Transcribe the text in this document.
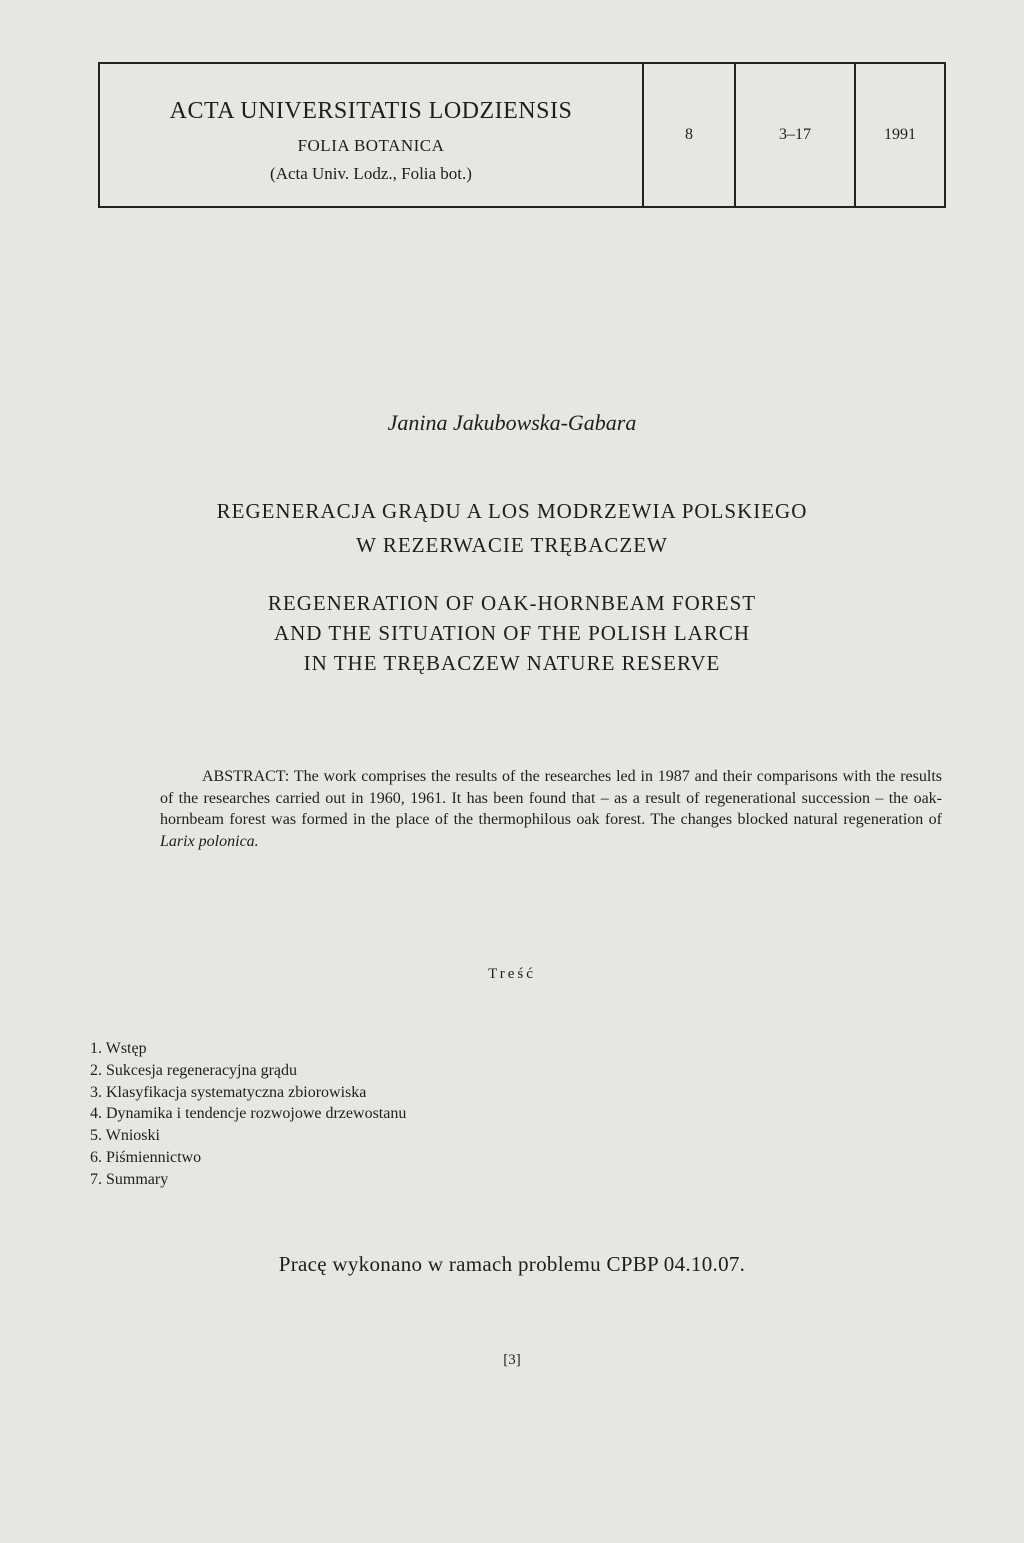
ACTA UNIVERSITATIS LODZIENSIS
FOLIA BOTANICA
(Acta Univ. Lodz., Folia bot.)
8	3–17	1991
Janina Jakubowska-Gabara
REGENERACJA GRĄDU A LOS MODRZEWIA POLSKIEGO
W REZERWACIE TRĘBACZEW
REGENERATION OF OAK-HORNBEAM FOREST
AND THE SITUATION OF THE POLISH LARCH
IN THE TRĘBACZEW NATURE RESERVE

ABSTRACT: The work comprises the results of the researches led in 1987 and their comparisons with the results of the researches carried out in 1960, 1961. It has been found that – as a result of regenerational succession – the oak-hornbeam forest was formed in the place of the thermophilous oak forest. The changes blocked natural regeneration of Larix polonica.

Treść
1. Wstęp
2. Sukcesja regeneracyjna grądu
3. Klasyfikacja systematyczna zbiorowiska
4. Dynamika i tendencje rozwojowe drzewostanu
5. Wnioski
6. Piśmiennictwo
7. Summary
Pracę wykonano w ramach problemu CPBP 04.10.07.
[3]
